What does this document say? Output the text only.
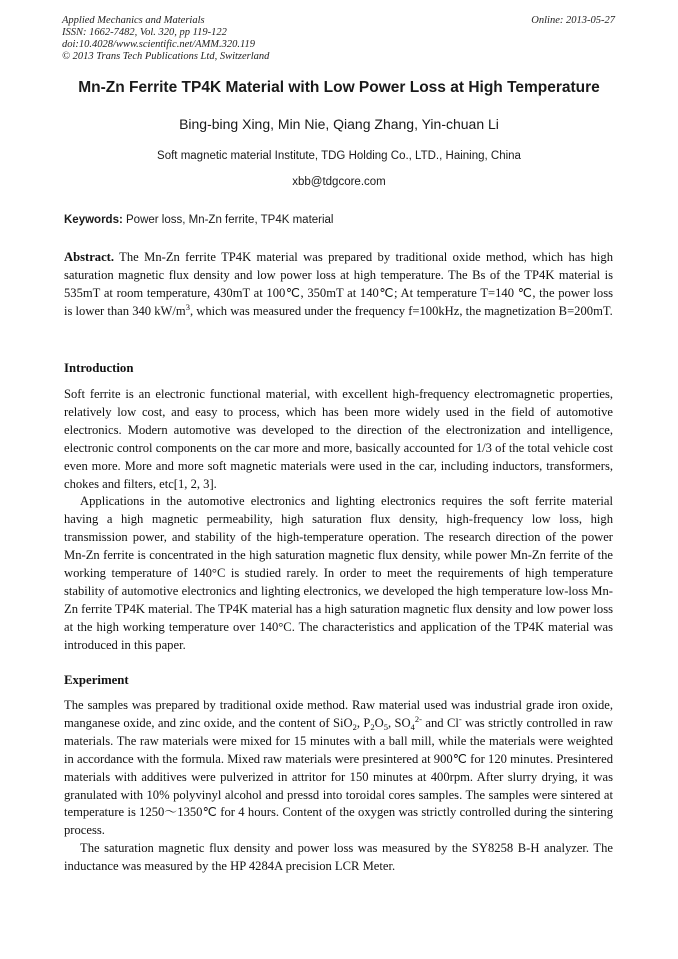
Applied Mechanics and Materials
ISSN: 1662-7482, Vol. 320, pp 119-122
doi:10.4028/www.scientific.net/AMM.320.119
© 2013 Trans Tech Publications Ltd, Switzerland
Online: 2013-05-27
Mn-Zn Ferrite TP4K Material with Low Power Loss at High Temperature
Bing-bing Xing, Min Nie, Qiang Zhang, Yin-chuan Li
Soft magnetic material Institute, TDG Holding Co., LTD., Haining, China
xbb@tdgcore.com
Keywords: Power loss, Mn-Zn ferrite, TP4K material

Abstract. The Mn-Zn ferrite TP4K material was prepared by traditional oxide method, which has high saturation magnetic flux density and low power loss at high temperature. The Bs of the TP4K material is 535mT at room temperature, 430mT at 100℃, 350mT at 140℃; At temperature T=140 ℃, the power loss is lower than 340 $kW/m^3$, which was measured under the frequency f=100kHz, the magnetization B=200mT.

Introduction

Soft ferrite is an electronic functional material, with excellent high-frequency electromagnetic properties, relatively low cost, and easy to process, which has been more widely used in the field of automotive electronics. Modern automotive was developed to the direction of the electronization and intelligence, electronic control components on the car more and more, basically accounted for 1/3 of the total vehicle cost even more. More and more soft magnetic materials were used in the car, including inductors, transformers, chokes and filters, etc[1, 2, 3].

Applications in the automotive electronics and lighting electronics requires the soft ferrite material having a high magnetic permeability, high saturation flux density, high-frequency low loss, high transmission power, and stability of the high-temperature operation. The research direction of the power Mn-Zn ferrite is concentrated in the high saturation magnetic flux density, while power Mn-Zn ferrite of the working temperature of 140°C is studied rarely. In order to meet the requirements of high temperature stability of automotive electronics and lighting electronics, we developed the high temperature low-loss Mn-Zn ferrite TP4K material. The TP4K material has a high saturation magnetic flux density and low power loss at the high working temperature over 140°C. The characteristics and application of the TP4K material was introduced in this paper.

Experiment

The samples was prepared by traditional oxide method. Raw material used was industrial grade iron oxide, manganese oxide, and zinc oxide, and the content of SiO$_2$, $P_2O_5$, $SO_4^{2-}$ and Cl- was strictly controlled in raw materials. The raw materials were mixed for 15 minutes with a ball mill, while the materials were weighted in accordance with the formula. Mixed raw materials were presintered at 900℃ for 120 minutes. Presintered materials with additives were pulverized in attritor for 150 minutes at 400rpm. After slurry drying, it was granulated with 10% polyvinyl alcohol and pressd into toroidal cores samples. The samples were sintered at temperature is 1250～1350℃ for 4 hours. Content of the oxygen was strictly controlled during the sintering process.

The saturation magnetic flux density and power loss was measured by the SY8258 B-H analyzer. The inductance was measured by the HP 4284A precision LCR Meter.
